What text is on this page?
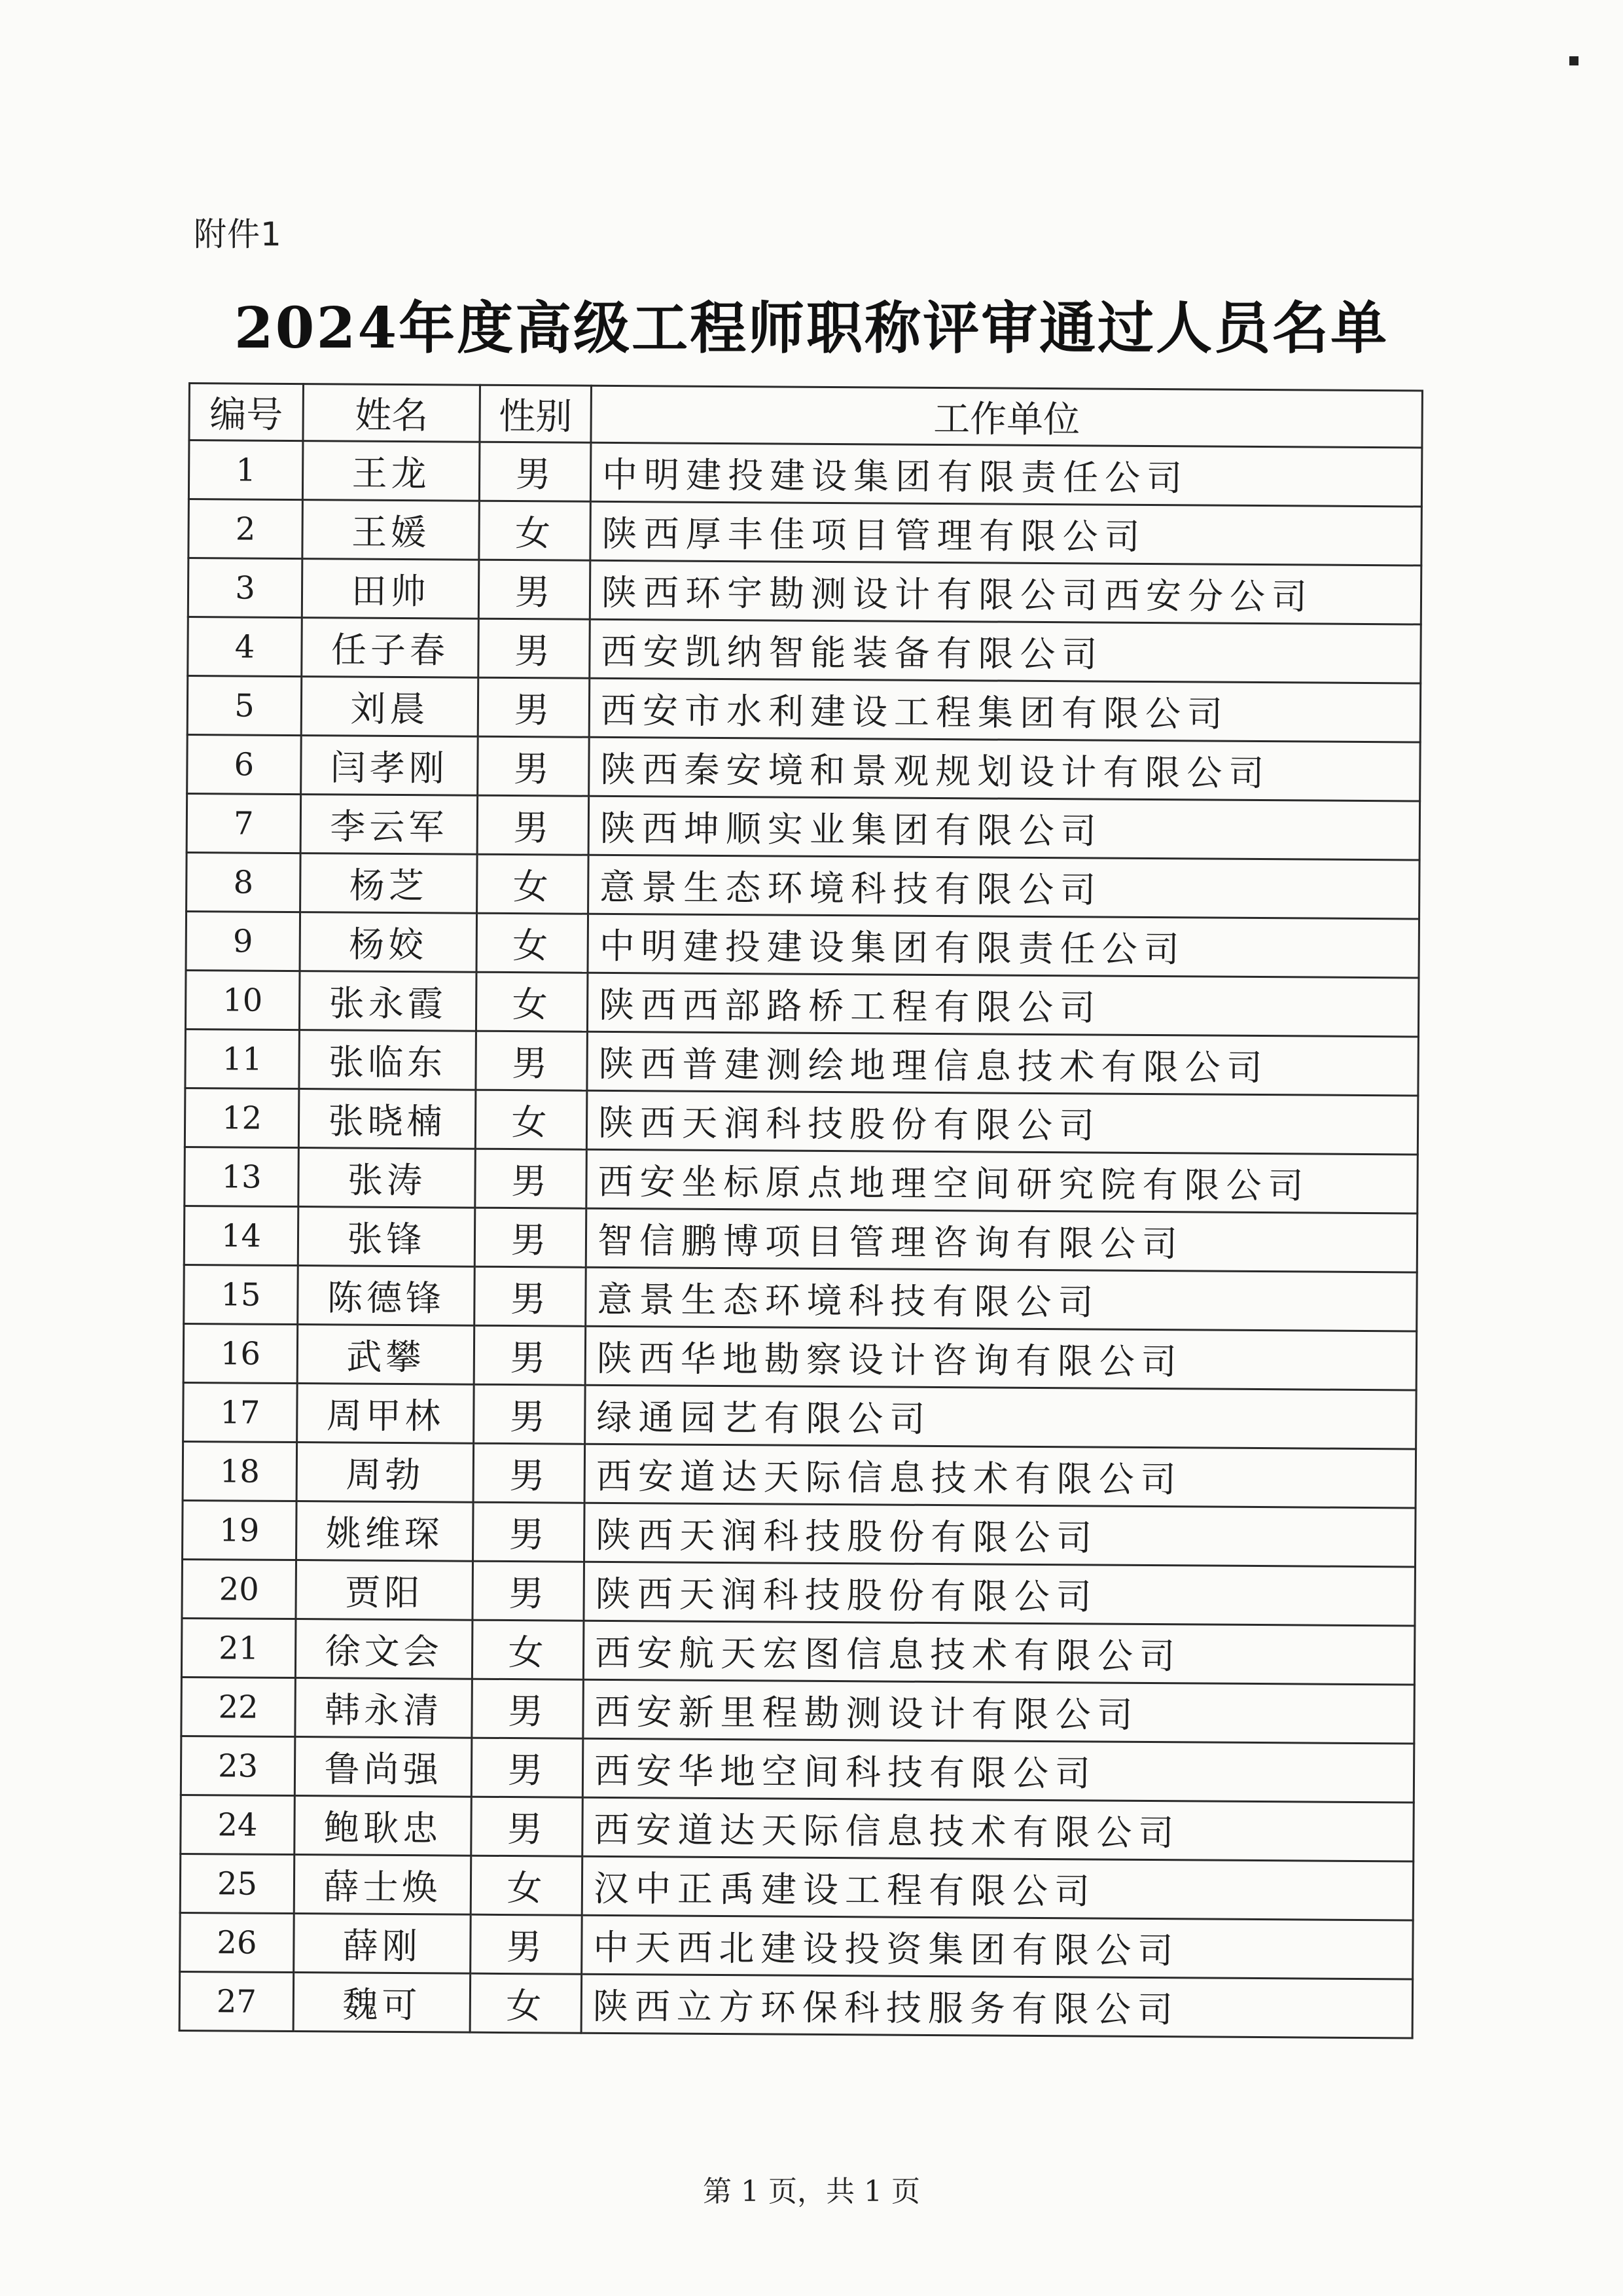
附件1
2024年度高级工程师职称评审通过人员名单
编号	姓名	性别	工作单位
1	王龙	男	中明建投建设集团有限责任公司
2	王媛	女	陕西厚丰佳项目管理有限公司
3	田帅	男	陕西环宇勘测设计有限公司西安分公司
4	任子春	男	西安凯纳智能装备有限公司
5	刘晨	男	西安市水利建设工程集团有限公司
6	闫孝刚	男	陕西秦安境和景观规划设计有限公司
7	李云军	男	陕西坤顺实业集团有限公司
8	杨芝	女	意景生态环境科技有限公司
9	杨姣	女	中明建投建设集团有限责任公司
10	张永霞	女	陕西西部路桥工程有限公司
11	张临东	男	陕西普建测绘地理信息技术有限公司
12	张晓楠	女	陕西天润科技股份有限公司
13	张涛	男	西安坐标原点地理空间研究院有限公司
14	张锋	男	智信鹏博项目管理咨询有限公司
15	陈德锋	男	意景生态环境科技有限公司
16	武攀	男	陕西华地勘察设计咨询有限公司
17	周甲林	男	绿通园艺有限公司
18	周勃	男	西安道达天际信息技术有限公司
19	姚维琛	男	陕西天润科技股份有限公司
20	贾阳	男	陕西天润科技股份有限公司
21	徐文会	女	西安航天宏图信息技术有限公司
22	韩永清	男	西安新里程勘测设计有限公司
23	鲁尚强	男	西安华地空间科技有限公司
24	鲍耿忠	男	西安道达天际信息技术有限公司
25	薛士焕	女	汉中正禹建设工程有限公司
26	薛刚	男	中天西北建设投资集团有限公司
27	魏可	女	陕西立方环保科技服务有限公司
第 1 页，共 1 页
